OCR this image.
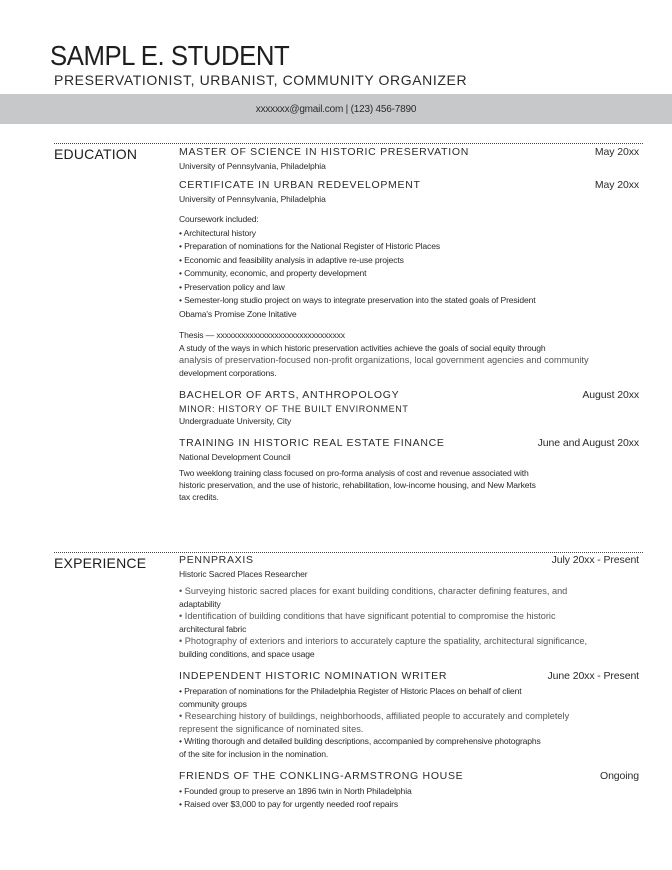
SAMPL E. STUDENT

PRESERVATIONIST, URBANIST, COMMUNITY ORGANIZER

xxxxxxx@gmail.com | (123) 456-7890
EDUCATION	MASTER OF SCIENCE IN HISTORIC PRESERVATION	May 20xx
University of Pennsylvania, Philadelphia
CERTIFICATE IN URBAN REDEVELOPMENT	May 20xx
University of Pennsylvania, Philadelphia
Coursework included:
• Architectural history
• Preparation of nominations for the National Register of Historic Places
• Economic and feasibility analysis in adaptive re-use projects
• Community, economic, and property development
• Preservation policy and law
• Semester-long studio project on ways to integrate preservation into the stated goals of President
Obama's Promise Zone Initative
Thesis — xxxxxxxxxxxxxxxxxxxxxxxxxxxxxxx
A study of the ways in which historic preservation activities achieve the goals of social equity through
analysis of preservation-focused non-profit organizations, local government agencies and community
development corporations.
BACHELOR OF ARTS, ANTHROPOLOGY	August 20xx
MINOR: HISTORY OF THE BUILT ENVIRONMENT
Undergraduate University, City
TRAINING IN HISTORIC REAL ESTATE FINANCE	June and August 20xx
National Development Council
Two weeklong training class focused on pro-forma analysis of cost and revenue associated with
historic preservation, and the use of historic, rehabilitation, low-income housing, and New Markets
tax credits.
EXPERIENCE	PENNPRAXIS	July 20xx - Present
Historic Sacred Places Researcher
• Surveying historic sacred places for exant building conditions, character defining features, and
adaptability
• Identification of building conditions that have significant potential to compromise the historic
architectural fabric
• Photography of exteriors and interiors to accurately capture the spatiality, architectural significance,
building conditions, and space usage
INDEPENDENT HISTORIC NOMINATION WRITER	June 20xx - Present
• Preparation of nominations for the Philadelphia Register of Historic Places on behalf of client
community groups
• Researching history of buildings, neighborhoods, affiliated people to accurately and completely
represent the significance of nominated sites.
• Writing thorough and detailed building descriptions, accompanied by comprehensive photographs
of the site for inclusion in the nomination.
FRIENDS OF THE CONKLING-ARMSTRONG HOUSE	Ongoing
• Founded group to preserve an 1896 twin in North Philadelphia
• Raised over $3,000 to pay for urgently needed roof repairs
